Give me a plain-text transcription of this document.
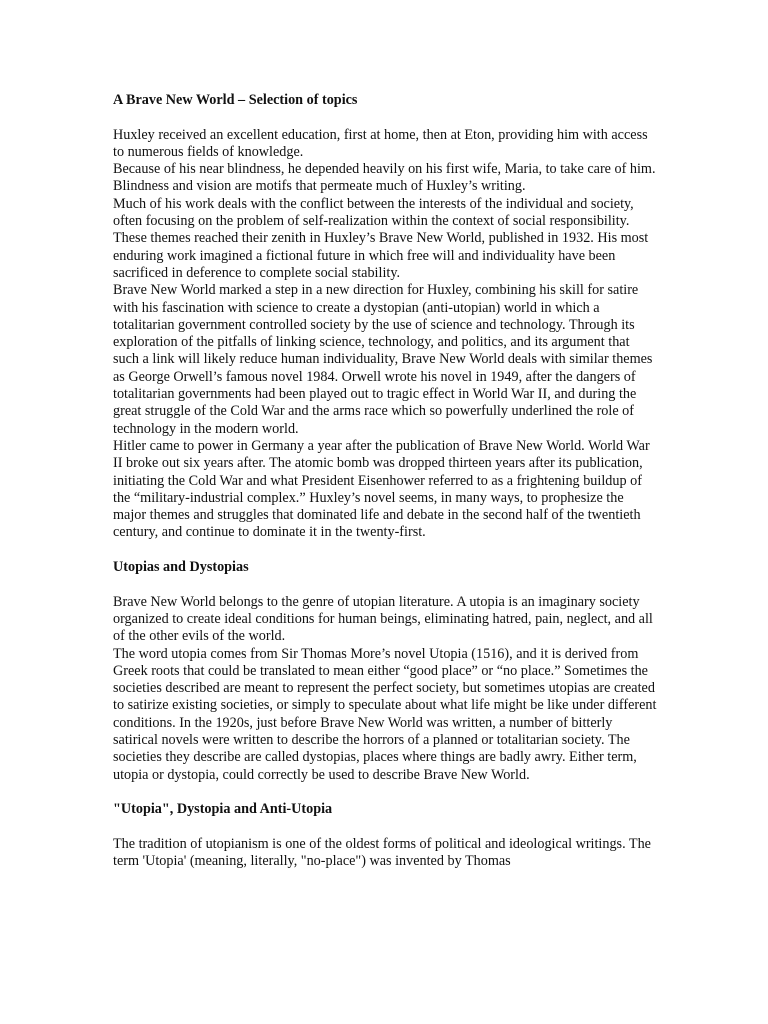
A Brave New World – Selection of topics

Huxley received an excellent education, first at home, then at Eton, providing him with access to numerous fields of knowledge.

Because of his near blindness, he depended heavily on his first wife, Maria, to take care of him. Blindness and vision are motifs that permeate much of Huxley’s writing.

Much of his work deals with the conflict between the interests of the individual and society, often focusing on the problem of self-realization within the context of social responsibility. These themes reached their zenith in Huxley’s Brave New World, published in 1932. His most enduring work imagined a fictional future in which free will and individuality have been sacrificed in deference to complete social stability.

Brave New World marked a step in a new direction for Huxley, combining his skill for satire with his fascination with science to create a dystopian (anti-utopian) world in which a totalitarian government controlled society by the use of science and technology. Through its exploration of the pitfalls of linking science, technology, and politics, and its argument that such a link will likely reduce human individuality, Brave New World deals with similar themes as George Orwell’s famous novel 1984. Orwell wrote his novel in 1949, after the dangers of totalitarian governments had been played out to tragic effect in World War II, and during the great struggle of the Cold War and the arms race which so powerfully underlined the role of technology in the modern world.

Hitler came to power in Germany a year after the publication of Brave New World. World War II broke out six years after. The atomic bomb was dropped thirteen years after its publication, initiating the Cold War and what President Eisenhower referred to as a frightening buildup of the “military-industrial complex.” Huxley’s novel seems, in many ways, to prophesize the major themes and struggles that dominated life and debate in the second half of the twentieth century, and continue to dominate it in the twenty-first.

Utopias and Dystopias

Brave New World belongs to the genre of utopian literature. A utopia is an imaginary society organized to create ideal conditions for human beings, eliminating hatred, pain, neglect, and all of the other evils of the world.

The word utopia comes from Sir Thomas More’s novel Utopia (1516), and it is derived from Greek roots that could be translated to mean either “good place” or “no place.” Sometimes the societies described are meant to represent the perfect society, but sometimes utopias are created to satirize existing societies, or simply to speculate about what life might be like under different conditions. In the 1920s, just before Brave New World was written, a number of bitterly satirical novels were written to describe the horrors of a planned or totalitarian society. The societies they describe are called dystopias, places where things are badly awry. Either term, utopia or dystopia, could correctly be used to describe Brave New World.

"Utopia", Dystopia and Anti-Utopia

The tradition of utopianism is one of the oldest forms of political and ideological writings. The term 'Utopia' (meaning, literally, "no-place") was invented by Thomas
